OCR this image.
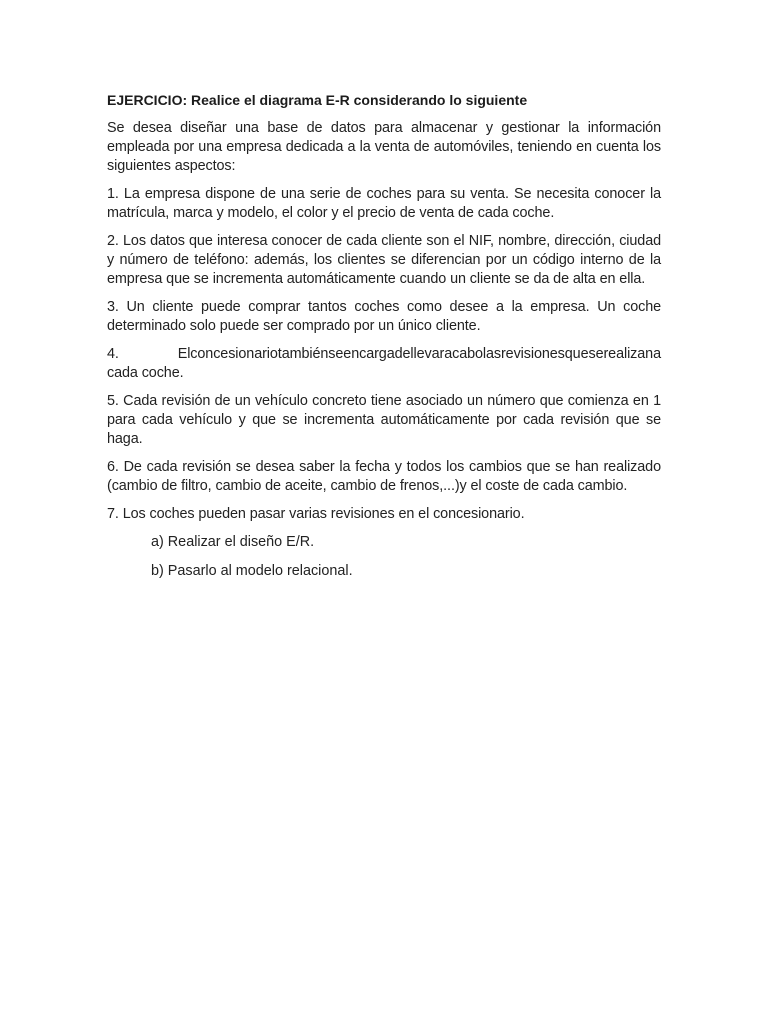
EJERCICIO: Realice el diagrama E-R considerando lo siguiente

Se desea diseñar una base de datos para almacenar y gestionar la información empleada por una empresa dedicada a la venta de automóviles, teniendo en cuenta los siguientes aspectos:

1. La empresa dispone de una serie de coches para su venta. Se necesita conocer la matrícula, marca y modelo, el color y el precio de venta de cada coche.

2. Los datos que interesa conocer de cada cliente son el NIF, nombre, dirección, ciudad y número de teléfono: además, los clientes se diferencian por un código interno de la empresa que se incrementa automáticamente cuando un cliente se da de alta en ella.

3. Un cliente puede comprar tantos coches como desee a la empresa. Un coche determinado solo puede ser comprado por un único cliente.

4.	Elconcesionariotambiénseencargadellevaracabolasrevisionesqueserealizana
cada coche.

5. Cada revisión de un vehículo concreto tiene asociado un número que comienza en 1 para cada vehículo y que se incrementa automáticamente por cada revisión que se haga.

6. De cada revisión se desea saber la fecha y todos los cambios que se han realizado (cambio de filtro, cambio de aceite, cambio de frenos,...)y el coste de cada cambio.

7. Los coches pueden pasar varias revisiones en el concesionario.

a) Realizar el diseño E/R.
b) Pasarlo al modelo relacional.
